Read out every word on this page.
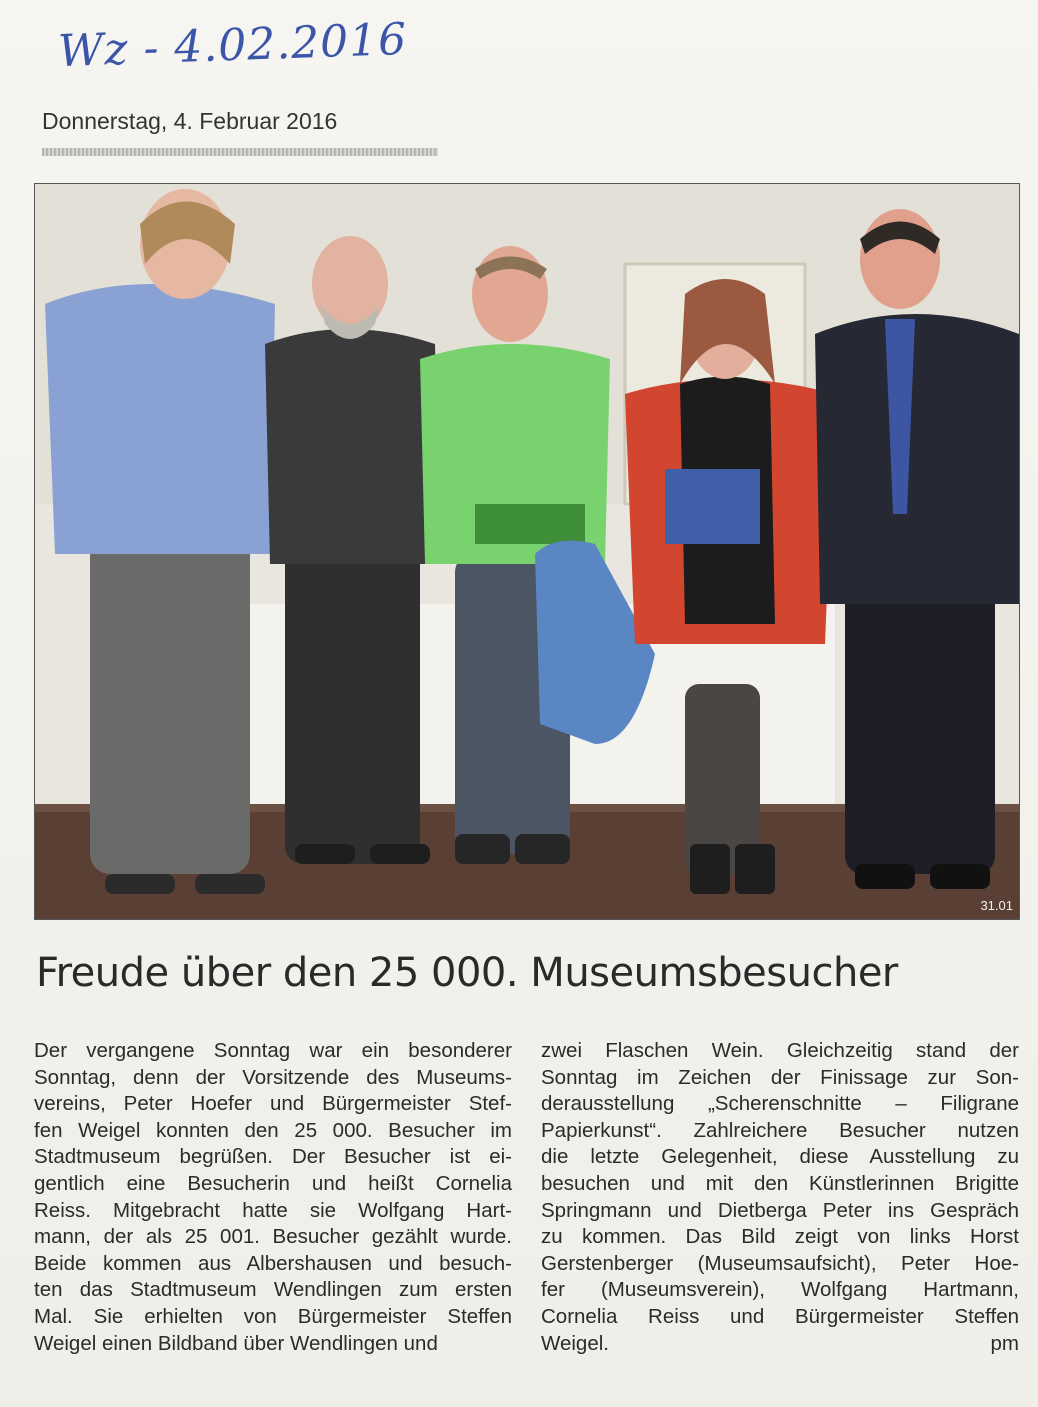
Wz - 4.02.2016
Donnerstag, 4. Februar 2016
31.01
Freude über den 25 000. Museumsbesucher
Der vergangene Sonntag war ein besonderer
Sonntag, denn der Vorsitzende des Museums-
vereins, Peter Hoefer und Bürgermeister Stef-
fen Weigel konnten den 25 000. Besucher im
Stadtmuseum begrüßen. Der Besucher ist ei-
gentlich eine Besucherin und heißt Cornelia
Reiss. Mitgebracht hatte sie Wolfgang Hart-
mann, der als 25 001. Besucher gezählt wurde.
Beide kommen aus Albershausen und besuch-
ten das Stadtmuseum Wendlingen zum ersten
Mal. Sie erhielten von Bürgermeister Steffen
Weigel einen Bildband über Wendlingen und
zwei Flaschen Wein. Gleichzeitig stand der
Sonntag im Zeichen der Finissage zur Son-
derausstellung „Scherenschnitte – Filigrane
Papierkunst“. Zahlreichere Besucher nutzen
die letzte Gelegenheit, diese Ausstellung zu
besuchen und mit den Künstlerinnen Brigitte
Springmann und Dietberga Peter ins Gespräch
zu kommen. Das Bild zeigt von links Horst
Gerstenberger (Museumsaufsicht), Peter Hoe-
fer (Museumsverein), Wolfgang Hartmann,
Cornelia Reiss und Bürgermeister Steffen
Weigel.	pm
